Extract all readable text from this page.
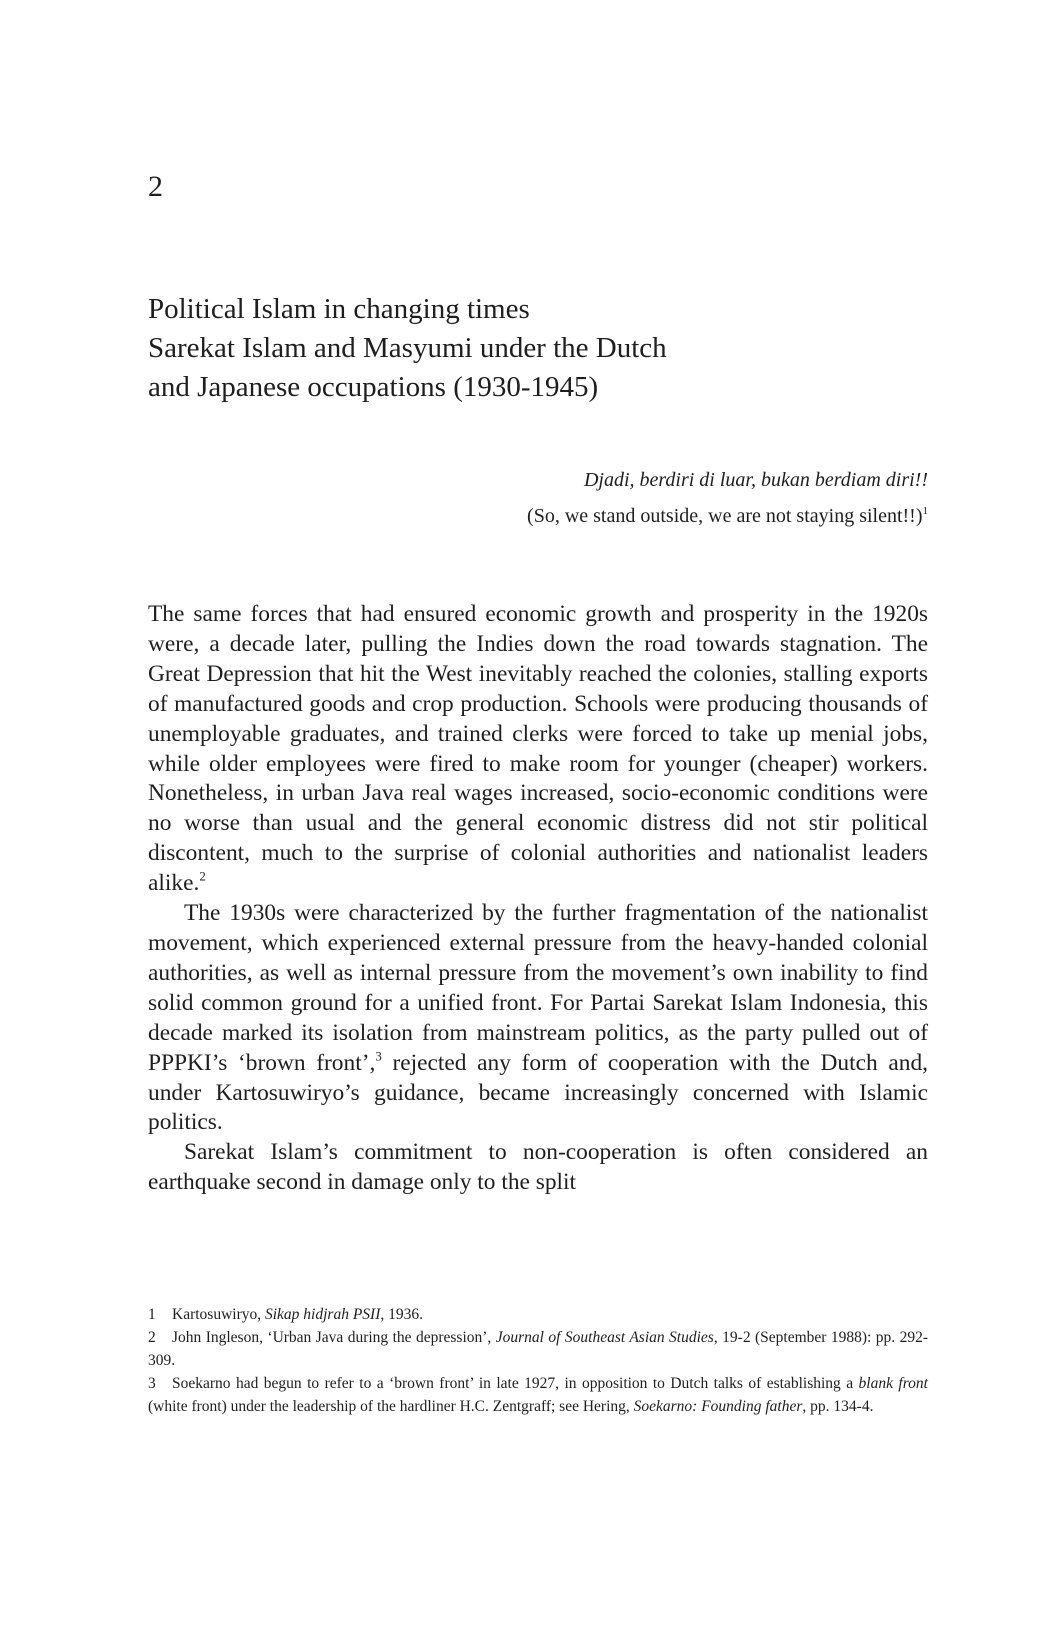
2
Political Islam in changing times
Sarekat Islam and Masyumi under the Dutch
and Japanese occupations (1930-1945)
Djadi, berdiri di luar, bukan berdiam diri!!
(So, we stand outside, we are not staying silent!!)$^1$

The same forces that had ensured economic growth and prosperity in the 1920s were, a decade later, pulling the Indies down the road towards stagnation. The Great Depression that hit the West inevitably reached the colonies, stalling exports of manufactured goods and crop production. Schools were producing thousands of unemployable graduates, and trained clerks were forced to take up menial jobs, while older employees were fired to make room for younger (cheaper) workers. Nonetheless, in urban Java real wages increased, socio-economic conditions were no worse than usual and the general economic distress did not stir political discontent, much to the surprise of colonial authorities and nationalist leaders alike.$^2$

The 1930s were characterized by the further fragmentation of the nationalist movement, which experienced external pressure from the heavy-handed colonial authorities, as well as internal pressure from the movement’s own inability to find solid common ground for a unified front. For Partai Sarekat Islam Indonesia, this decade marked its isolation from mainstream politics, as the party pulled out of PPPKI’s ‘brown front’,$^3$ rejected any form of cooperation with the Dutch and, under Kartosuwiryo’s guidance, became increasingly concerned with Islamic politics.

Sarekat Islam’s commitment to non-cooperation is often considered an earthquake second in damage only to the split

1 Kartosuwiryo, Sikap hidjrah PSII, 1936.

2 John Ingleson, ‘Urban Java during the depression’, Journal of Southeast Asian Studies, 19-2 (September 1988): pp. 292-309.

3 Soekarno had begun to refer to a ‘brown front’ in late 1927, in opposition to Dutch talks of establishing a blank front (white front) under the leadership of the hardliner H.C. Zentgraff; see Hering, Soekarno: Founding father, pp. 134-4.
